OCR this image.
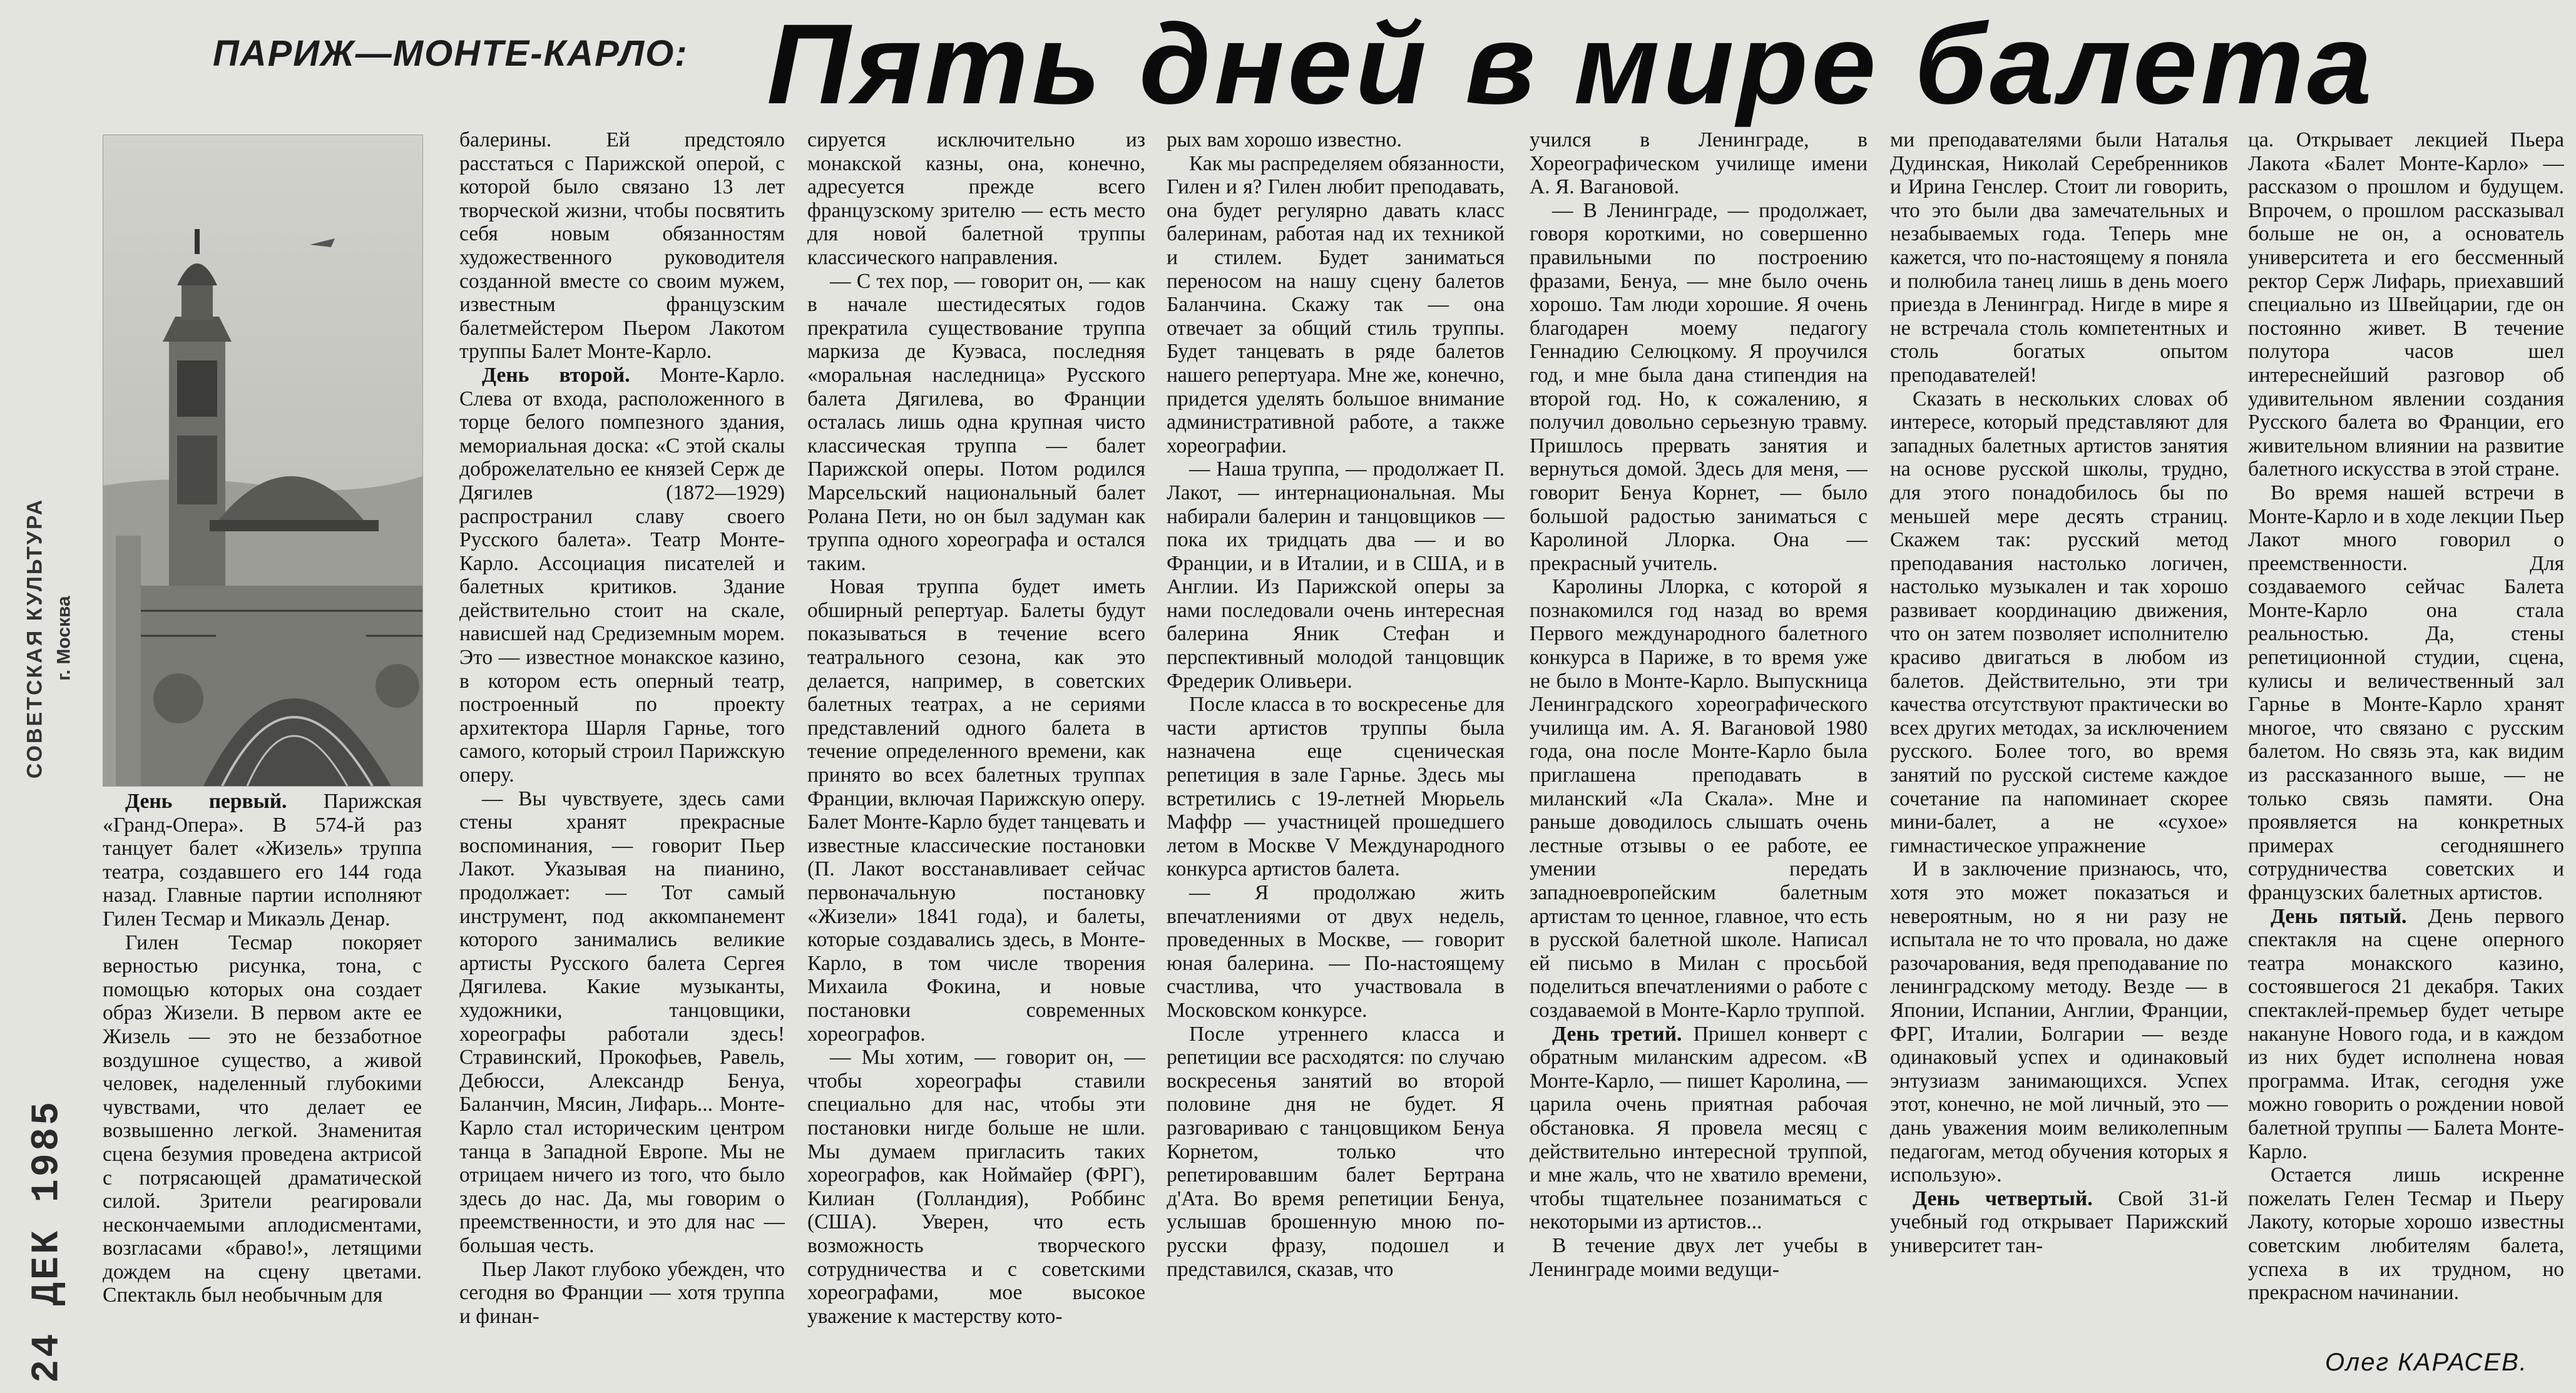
ПАРИЖ—МОНТЕ-КАРЛО: Пять дней в мире балета
СОВЕТСКАЯ КУЛЬТУРА г. Москва
24 ДЕК 1985

День первый. Парижская «Гранд-Опера». В 574-й раз танцует балет «Жизель» труппа театра, создавшего его 144 года назад. Главные партии исполняют Гилен Тесмар и Микаэль Денар.

Гилен Тесмар покоряет верностью рисунка, тона, с помощью которых она создает образ Жизели. В первом акте ее Жизель — это не беззаботное воздушное существо, а живой человек, наделенный глубокими чувствами, что делает ее возвышенно легкой. Знаменитая сцена безумия проведена актрисой с потрясающей драматической силой. Зрители реагировали нескончаемыми аплодисментами, возгласами «браво!», летящими дождем на сцену цветами. Спектакль был необычным для

балерины. Ей предстояло расстаться с Парижской оперой, с которой было связано 13 лет творческой жизни, чтобы посвятить себя новым обязанностям художественного руководителя созданной вместе со своим мужем, известным французским балетмейстером Пьером Лакотом труппы Балет Монте-Карло.

День второй. Монте-Карло. Слева от входа, расположенного в торце белого помпезного здания, мемориальная доска: «С этой скалы доброжелательно ее князей Серж де Дягилев (1872—1929) распространил славу своего Русского балета». Театр Монте-Карло. Ассоциация писателей и балетных критиков. Здание действительно стоит на скале, нависшей над Средиземным морем. Это — известное монакское казино, в котором есть оперный театр, построенный по проекту архитектора Шарля Гарнье, того самого, который строил Парижскую оперу.

— Вы чувствуете, здесь сами стены хранят прекрасные воспоминания, — говорит Пьер Лакот. Указывая на пианино, продолжает: — Тот самый инструмент, под аккомпанемент которого занимались великие артисты Русского балета Сергея Дягилева. Какие музыканты, художники, танцовщики, хореографы работали здесь! Стравинский, Прокофьев, Равель, Дебюсси, Александр Бенуа, Баланчин, Мясин, Лифарь... Монте-Карло стал историческим центром танца в Западной Европе. Мы не отрицаем ничего из того, что было здесь до нас. Да, мы говорим о преемственности, и это для нас — большая честь.

Пьер Лакот глубоко убежден, что сегодня во Франции — хотя труппа и финан-

сируется исключительно из монакской казны, она, конечно, адресуется прежде всего французскому зрителю — есть место для новой балетной труппы классического направления.

— С тех пор, — говорит он, — как в начале шестидесятых годов прекратила существование труппа маркиза де Куэваса, последняя «моральная наследница» Русского балета Дягилева, во Франции осталась лишь одна крупная чисто классическая труппа — балет Парижской оперы. Потом родился Марсельский национальный балет Ролана Пети, но он был задуман как труппа одного хореографа и остался таким.

Новая труппа будет иметь обширный репертуар. Балеты будут показываться в течение всего театрального сезона, как это делается, например, в советских балетных театрах, а не сериями представлений одного балета в течение определенного времени, как принято во всех балетных труппах Франции, включая Парижскую оперу. Балет Монте-Карло будет танцевать и известные классические постановки (П. Лакот восстанавливает сейчас первоначальную постановку «Жизели» 1841 года), и балеты, которые создавались здесь, в Монте-Карло, в том числе творения Михаила Фокина, и новые постановки современных хореографов.

— Мы хотим, — говорит он, — чтобы хореографы ставили специально для нас, чтобы эти постановки нигде больше не шли. Мы думаем пригласить таких хореографов, как Ноймайер (ФРГ), Килиан (Голландия), Роббинс (США). Уверен, что есть возможность творческого сотрудничества и с советскими хореографами, мое высокое уважение к мастерству кото-

рых вам хорошо известно.

Как мы распределяем обязанности, Гилен и я? Гилен любит преподавать, она будет регулярно давать класс балеринам, работая над их техникой и стилем. Будет заниматься переносом на нашу сцену балетов Баланчина. Скажу так — она отвечает за общий стиль труппы. Будет танцевать в ряде балетов нашего репертуара. Мне же, конечно, придется уделять большое внимание административной работе, а также хореографии.

— Наша труппа, — продолжает П. Лакот, — интернациональная. Мы набирали балерин и танцовщиков — пока их тридцать два — и во Франции, и в Италии, и в США, и в Англии. Из Парижской оперы за нами последовали очень интересная балерина Яник Стефан и перспективный молодой танцовщик Фредерик Оливьери.

После класса в то воскресенье для части артистов труппы была назначена еще сценическая репетиция в зале Гарнье. Здесь мы встретились с 19-летней Мюрьель Маффр — участницей прошедшего летом в Москве V Международного конкурса артистов балета.

— Я продолжаю жить впечатлениями от двух недель, проведенных в Москве, — говорит юная балерина. — По-настоящему счастлива, что участвовала в Московском конкурсе.

После утреннего класса и репетиции все расходятся: по случаю воскресенья занятий во второй половине дня не будет. Я разговариваю с танцовщиком Бенуа Корнетом, только что репетировавшим балет Бертрана д'Ата. Во время репетиции Бенуа, услышав брошенную мною по-русски фразу, подошел и представился, сказав, что

учился в Ленинграде, в Хореографическом училище имени А. Я. Вагановой.

— В Ленинграде, — продолжает, говоря короткими, но совершенно правильными по построению фразами, Бенуа, — мне было очень хорошо. Там люди хорошие. Я очень благодарен моему педагогу Геннадию Селюцкому. Я проучился год, и мне была дана стипендия на второй год. Но, к сожалению, я получил довольно серьезную травму. Пришлось прервать занятия и вернуться домой. Здесь для меня, — говорит Бенуа Корнет, — было большой радостью заниматься с Каролиной Ллорка. Она — прекрасный учитель.

Каролины Ллорка, с которой я познакомился год назад во время Первого международного балетного конкурса в Париже, в то время уже не было в Монте-Карло. Выпускница Ленинградского хореографического училища им. А. Я. Вагановой 1980 года, она после Монте-Карло была приглашена преподавать в миланский «Ла Скала». Мне и раньше доводилось слышать очень лестные отзывы о ее работе, ее умении передать западноевропейским балетным артистам то ценное, главное, что есть в русской балетной школе. Написал ей письмо в Милан с просьбой поделиться впечатлениями о работе с создаваемой в Монте-Карло труппой.

День третий. Пришел конверт с обратным миланским адресом. «В Монте-Карло, — пишет Каролина, — царила очень приятная рабочая обстановка. Я провела месяц с действительно интересной труппой, и мне жаль, что не хватило времени, чтобы тщательнее позаниматься с некоторыми из артистов...

В течение двух лет учебы в Ленинграде моими ведущи-

ми преподавателями были Наталья Дудинская, Николай Серебренников и Ирина Генслер. Стоит ли говорить, что это были два замечательных и незабываемых года. Теперь мне кажется, что по-настоящему я поняла и полюбила танец лишь в день моего приезда в Ленинград. Нигде в мире я не встречала столь компетентных и столь богатых опытом преподавателей!

Сказать в нескольких словах об интересе, который представляют для западных балетных артистов занятия на основе русской школы, трудно, для этого понадобилось бы по меньшей мере десять страниц. Скажем так: русский метод преподавания настолько логичен, настолько музыкален и так хорошо развивает координацию движения, что он затем позволяет исполнителю красиво двигаться в любом из балетов. Действительно, эти три качества отсутствуют практически во всех других методах, за исключением русского. Более того, во время занятий по русской системе каждое сочетание па напоминает скорее мини-балет, а не «сухое» гимнастическое упражнение

И в заключение признаюсь, что, хотя это может показаться и невероятным, но я ни разу не испытала не то что провала, но даже разочарования, ведя преподавание по ленинградскому методу. Везде — в Японии, Испании, Англии, Франции, ФРГ, Италии, Болгарии — везде одинаковый успех и одинаковый энтузиазм занимающихся. Успех этот, конечно, не мой личный, это — дань уважения моим великолепным педагогам, метод обучения которых я использую».

День четвертый. Свой 31-й учебный год открывает Парижский университет тан-

ца. Открывает лекцией Пьера Лакота «Балет Монте-Карло» — рассказом о прошлом и будущем. Впрочем, о прошлом рассказывал больше не он, а основатель университета и его бессменный ректор Серж Лифарь, приехавший специально из Швейцарии, где он постоянно живет. В течение полутора часов шел интереснейший разговор об удивительном явлении создания Русского балета во Франции, его живительном влиянии на развитие балетного искусства в этой стране.

Во время нашей встречи в Монте-Карло и в ходе лекции Пьер Лакот много говорил о преемственности. Для создаваемого сейчас Балета Монте-Карло она стала реальностью. Да, стены репетиционной студии, сцена, кулисы и величественный зал Гарнье в Монте-Карло хранят многое, что связано с русским балетом. Но связь эта, как видим из рассказанного выше, — не только связь памяти. Она проявляется на конкретных примерах сегодняшнего сотрудничества советских и французских балетных артистов.

День пятый. День первого спектакля на сцене оперного театра монакского казино, состоявшегося 21 декабря. Таких спектаклей-премьер будет четыре накануне Нового года, и в каждом из них будет исполнена новая программа. Итак, сегодня уже можно говорить о рождении новой балетной труппы — Балета Монте-Карло.

Остается лишь искренне пожелать Гелен Тесмар и Пьеру Лакоту, которые хорошо известны советским любителям балета, успеха в их трудном, но прекрасном начинании.

Олег КАРАСЕВ.
